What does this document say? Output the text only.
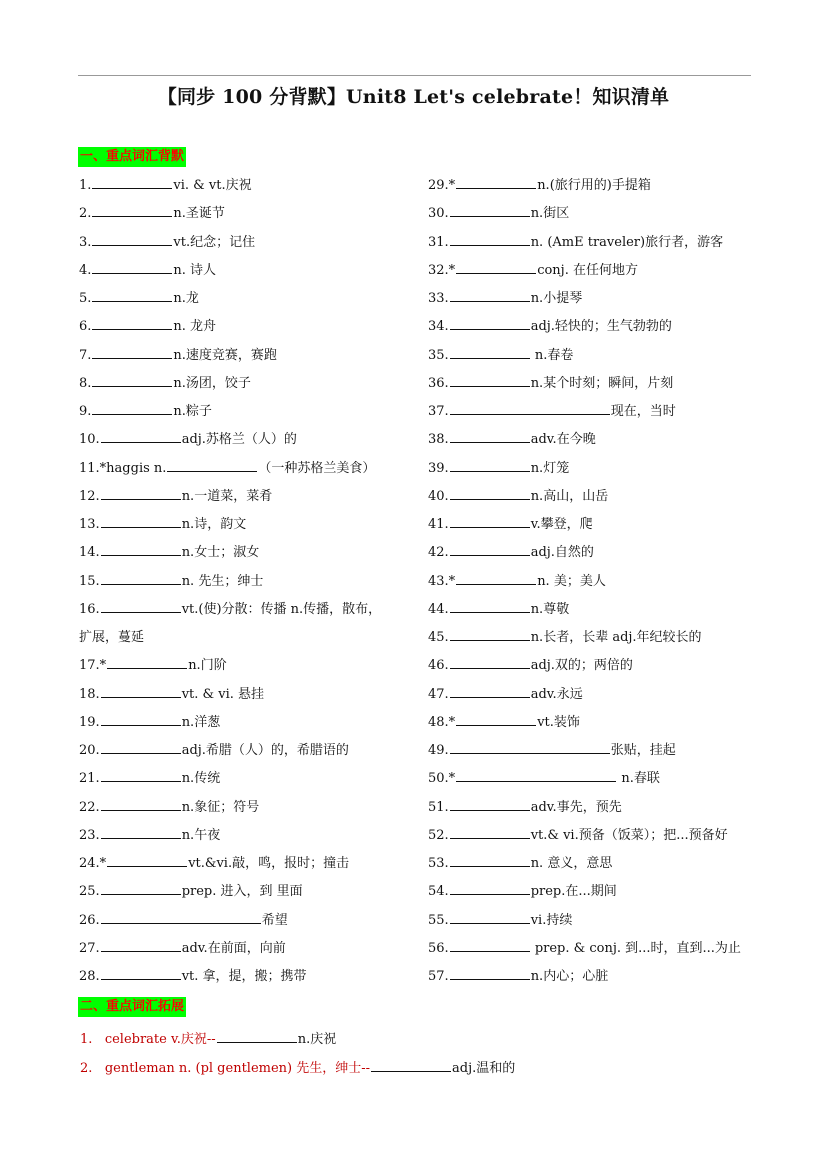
【同步 100 分背默】Unit8 Let's celebrate！知识清单
一、重点词汇背默
1.	vi. & vt.庆祝
2.	n.圣诞节
3.	vt.纪念；记住
4.	n. 诗人
5.	n.龙
6.	n. 龙舟
7.	n.速度竞赛，赛跑
8.	n.汤团，饺子
9.	n.粽子
10.	adj.苏格兰（人）的
11.*haggis n.	（一种苏格兰美食）
12.	n.一道菜，菜肴
13.	n.诗，韵文
14.	n.女士；淑女
15.	n. 先生；绅士
16.	vt.(使)分散：传播 n.传播，散布，
扩展，蔓延
17.*	n.门阶
18.	vt. & vi. 悬挂
19.	n.洋葱
20.	adj.希腊（人）的，希腊语的
21.	n.传统
22.	n.象征；符号
23.	n.午夜
24.*	vt.&vi.敲，鸣，报时；撞击
25.	prep. 进入，到 里面
26.	希望
27.	adv.在前面，向前
28.	vt. 拿，提，搬；携带
29.*	n.(旅行用的)手提箱
30.	n.街区
31.	n. (AmE traveler)旅行者，游客
32.*	conj. 在任何地方
33.	n.小提琴
34.	adj.轻快的；生气勃勃的
35.	n.春卷
36.	n.某个时刻；瞬间，片刻
37.	现在，当时
38.	adv.在今晚
39.	n.灯笼
40.	n.高山，山岳
41.	v.攀登，爬
42.	adj.自然的
43.*	n. 美；美人
44.	n.尊敬
45.	n.长者，长辈 adj.年纪较长的
46.	adj.双的；两倍的
47.	adv.永远
48.*	vt.装饰
49.	张贴，挂起
50.*	n.春联
51.	adv.事先，预先
52.	vt.& vi.预备（饭菜）；把...预备好
53.	n. 意义，意思
54.	prep.在...期间
55.	vi.持续
56.	prep. & conj. 到...时，直到...为止
57.	n.内心；心脏
二、重点词汇拓展
1. celebrate v.庆祝--	n.庆祝
2. gentleman n. (pl gentlemen) 先生，绅士--	adj.温和的
